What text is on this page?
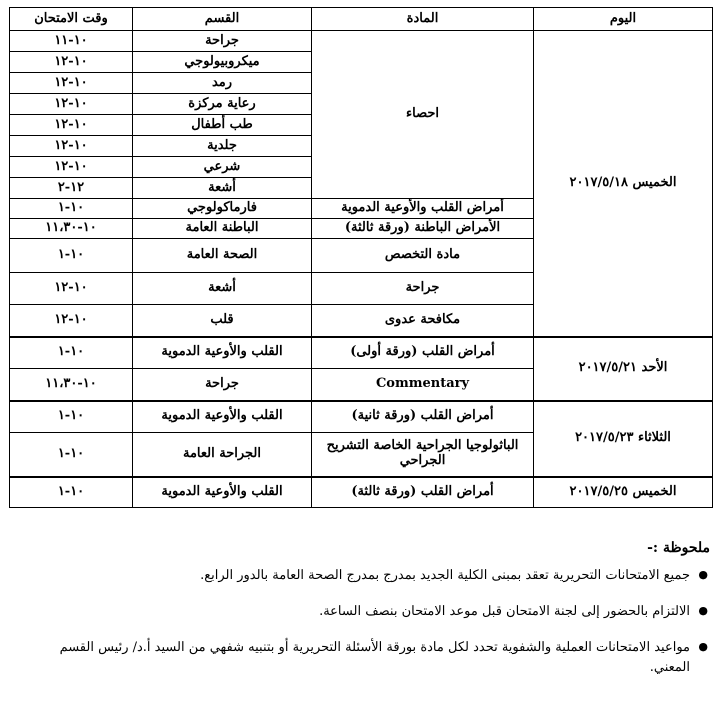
اليوم	المادة	القسم	وقت الامتحان
الخميس ٢٠١٧/٥/١٨	احصاء	جراحة	١٠-١١
		ميكروبيولوجي	١٠-١٢
		رمد	١٠-١٢
		رعاية مركزة	١٠-١٢
		طب أطفال	١٠-١٢
		جلدية	١٠-١٢
		شرعي	١٠-١٢
		أشعة	١٢-٢
	أمراض القلب والأوعية الدموية	فارماكولوجي	١٠-١
	الأمراض الباطنة (ورقة ثالثة)	الباطنة العامة	١٠-١١،٣٠
	مادة التخصص	الصحة العامة	١٠-١
	جراحة	أشعة	١٠-١٢
	مكافحة عدوى	قلب	١٠-١٢
الأحد ٢٠١٧/٥/٢١	أمراض القلب (ورقة أولى)	القلب والأوعية الدموية	١٠-١
	Commentary	جراحة	١٠-١١،٣٠
الثلاثاء ٢٠١٧/٥/٢٣	أمراض القلب (ورقة ثانية)	القلب والأوعية الدموية	١٠-١
	الباثولوجيا الجراحية الخاصة التشريح الجراحي	الجراحة العامة	١٠-١
الخميس ٢٠١٧/٥/٢٥	أمراض القلب (ورقة ثالثة)	القلب والأوعية الدموية	١٠-١
ملحوظة :-
●
جميع الامتحانات التحريرية تعقد بمبنى الكلية الجديد بمدرج بمدرج الصحة العامة بالدور الرابع.
●
الالتزام بالحضور إلى لجنة الامتحان قبل موعد الامتحان بنصف الساعة.
●
مواعيد الامتحانات العملية والشفوية تحدد لكل مادة بورقة الأسئلة التحريرية أو بتنبيه شفهي من السيد أ.د/ رئيس القسم المعني.
